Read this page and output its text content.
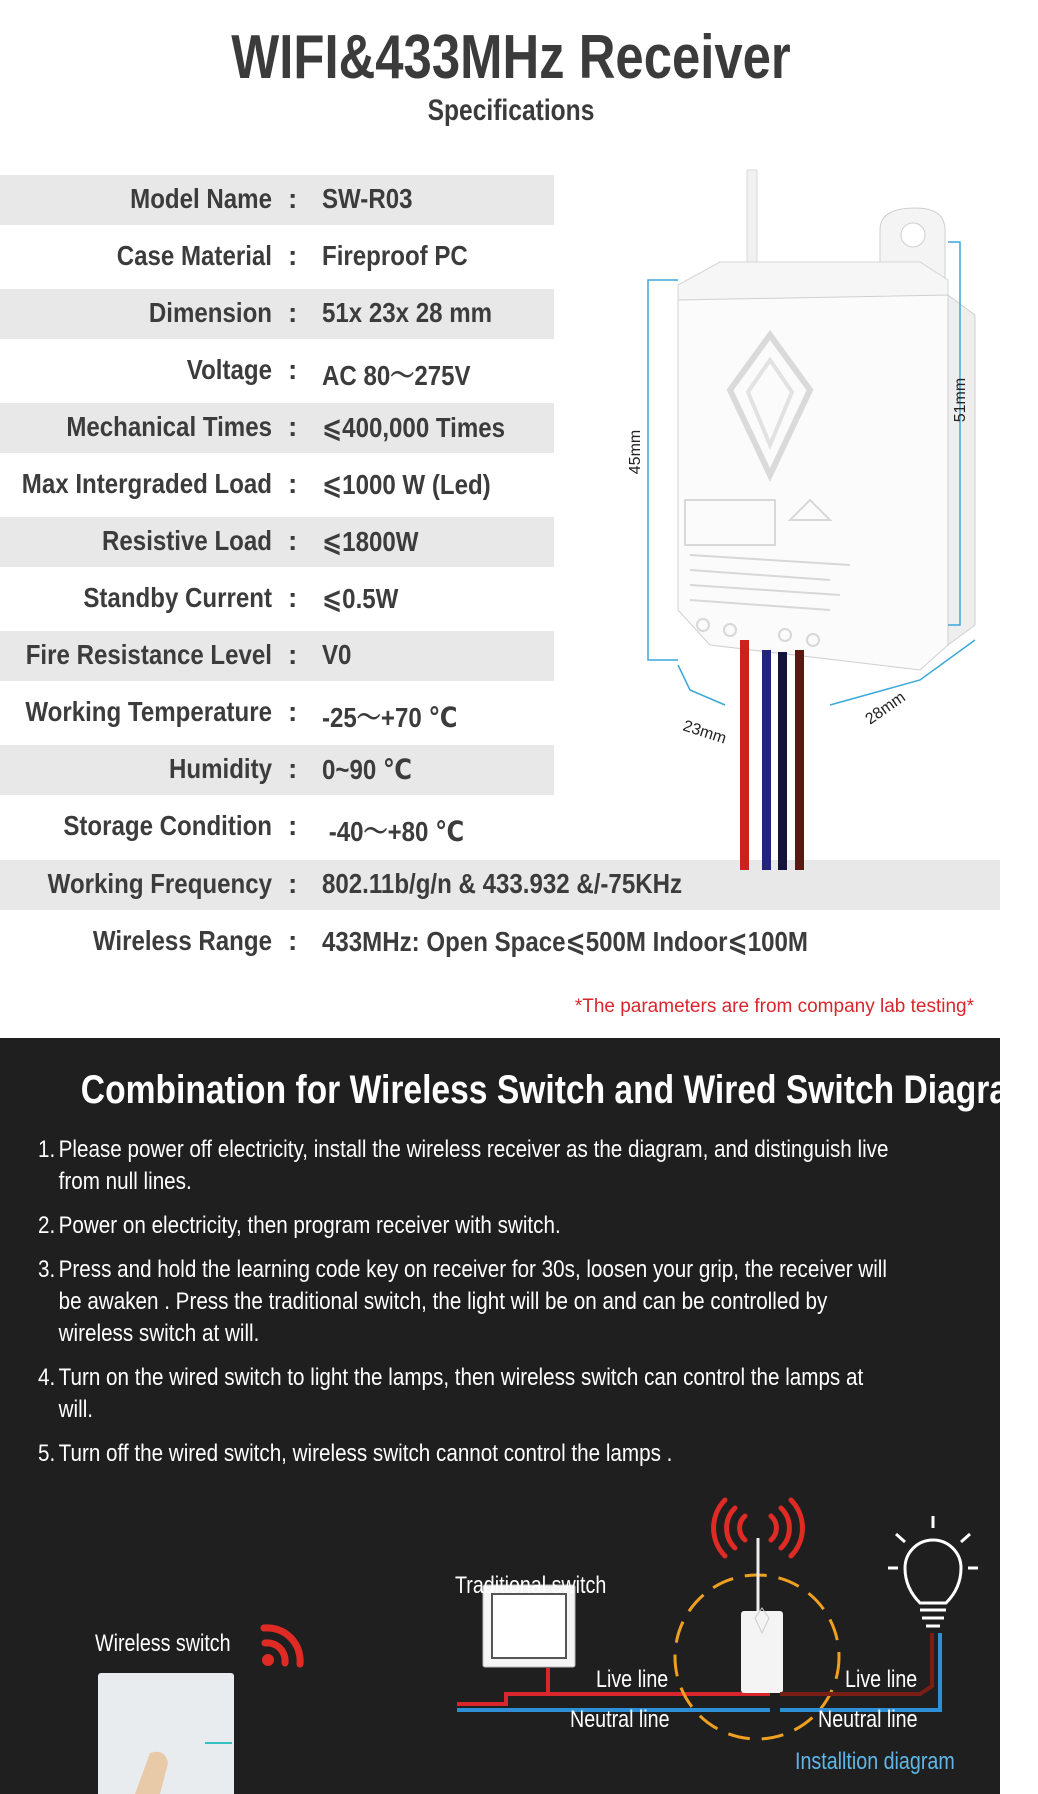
WIFI&433MHz Receiver
Specifications
Model Name : SW-R03
Case Material : Fireproof PC
Dimension : 51x 23x 28 mm
Voltage : AC 80～275V
Mechanical Times : ⩽400,000 Times
Max Intergraded Load : ⩽1000 W (Led)
Resistive Load : ⩽1800W
Standby Current : ⩽0.5W
Fire Resistance Level : V0
Working Temperature : -25～+70 ℃
Humidity : 0~90 ℃
Storage Condition : -40～+80 ℃
Working Frequency : 802.11b/g/n & 433.932 &/-75KHz
Wireless Range : 433MHz: Open Space⩽500M Indoor⩽100M
45mm
51mm
23mm
28mm
*The parameters are from company lab testing*
Combination for Wireless Switch and Wired Switch Diagram
1. Please power off electricity, install the wireless receiver as the diagram, and distinguish live from null lines.
2. Power on electricity, then program receiver with switch.
3. Press and hold the learning code key on receiver for 30s, loosen your grip, the receiver will be awaken . Press the traditional switch, the light will be on and can be controlled by wireless switch at will.
4. Turn on the wired switch to light the lamps, then wireless switch can control the lamps at will.
5. Turn off the wired switch, wireless switch cannot control the lamps .
Wireless switch
Traditional switch
Live line
Neutral line
Live line
Neutral line
Installtion diagram
